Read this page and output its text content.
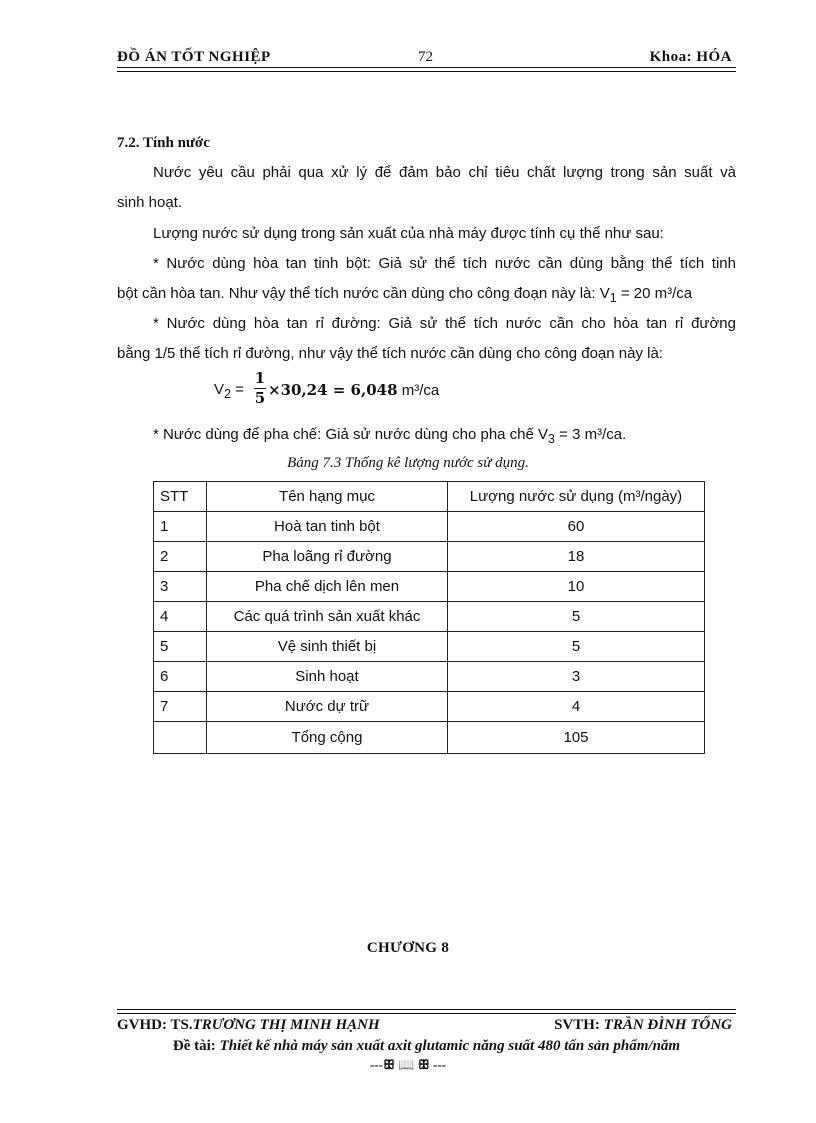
ĐỒ ÁN TỐT NGHIỆP	72	Khoa: HÓA
7.2. Tính nước
Nước yêu cầu phải qua xử lý để đảm bảo chỉ tiêu chất lượng trong sản suất và
sinh hoạt.
Lượng nước sử dụng trong sản xuất của nhà máy được tính cụ thể như sau:
* Nước dùng hòa tan tinh bột: Giả sử thể tích nước cần dùng bằng thể tích tinh
bột cần hòa tan. Như vậy thể tích nước cần dùng cho công đoạn này là: $V_1 = 20$ m³/ca
* Nước dùng hòa tan rỉ đường: Giả sử thể tích nước cần cho hòa tan rỉ đường
bằng 1/5 thể tích rỉ đường, như vậy thể tích nước cần dùng cho công đoạn này là:
$V_2$ =
1
5 ×30,24 = 6,048 m³/ca
* Nước dùng để pha chế: Giả sử nước dùng cho pha chế $V_3 = 3$ m³/ca.
Bảng 7.3 Thống kê lượng nước sử dụng.
STT	Tên hạng mục	Lượng nước sử dụng (m³/ngày)
1	Hoà tan tinh bột	60
2	Pha loãng rỉ đường	18
3	Pha chế dịch lên men	10
4	Các quá trình sản xuất khác	5
5	Vệ sinh thiết bị	5
6	Sinh hoạt	3
7	Nước dự trữ	4
	Tổng cộng	105
CHƯƠNG 8
GVHD: TS.TRƯƠNG THỊ MINH HẠNH	SVTH: TRẦN ĐÌNH TỔNG
Đề tài: Thiết kế nhà máy sản xuất axit glutamic năng suất 480 tấn sản phẩm/năm
---ꕥ 📖 ꕥ ---
